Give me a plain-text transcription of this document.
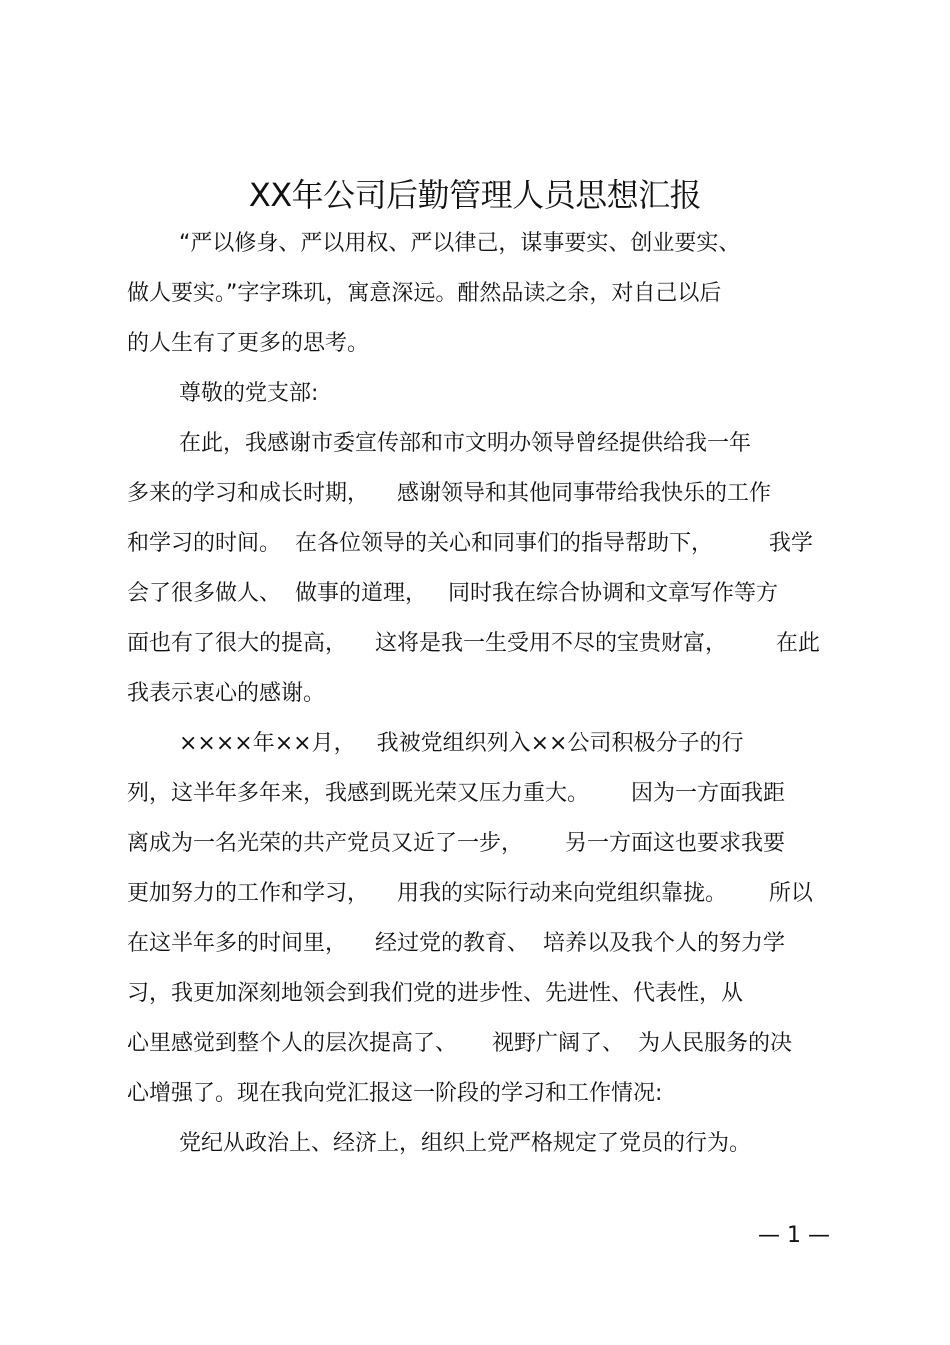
XX年公司后勤管理人员思想汇报

“严以修身、严以用权、严以律己，谋事要实、创业要实、

做人要实。”字字珠玑，寓意深远。酣然品读之余，对自己以后

的人生有了更多的思考。

尊敬的党支部:

在此，我感谢市委宣传部和市文明办领导曾经提供给我一年

多来的学习和成长时期，    感谢领导和其他同事带给我快乐的工作

和学习的时间。  在各位领导的关心和同事们的指导帮助下，        我学

会了很多做人、  做事的道理，   同时我在综合协调和文章写作等方

面也有了很大的提高，    这将是我一生受用不尽的宝贵财富，       在此

我表示衷心的感谢。

××××年××月，   我被党组织列入××公司积极分子的行

列，这半年多年来，我感到既光荣又压力重大。      因为一方面我距

离成为一名光荣的共产党员又近了一步，      另一方面这也要求我要

更加努力的工作和学习，    用我的实际行动来向党组织靠拢。      所以

在这半年多的时间里，    经过党的教育、  培养以及我个人的努力学

习，我更加深刻地领会到我们党的进步性、先进性、代表性，从

心里感觉到整个人的层次提高了、     视野广阔了、  为人民服务的决

心增强了。现在我向党汇报这一阶段的学习和工作情况:

党纪从政治上、经济上，组织上党严格规定了党员的行为。

— 1 —
